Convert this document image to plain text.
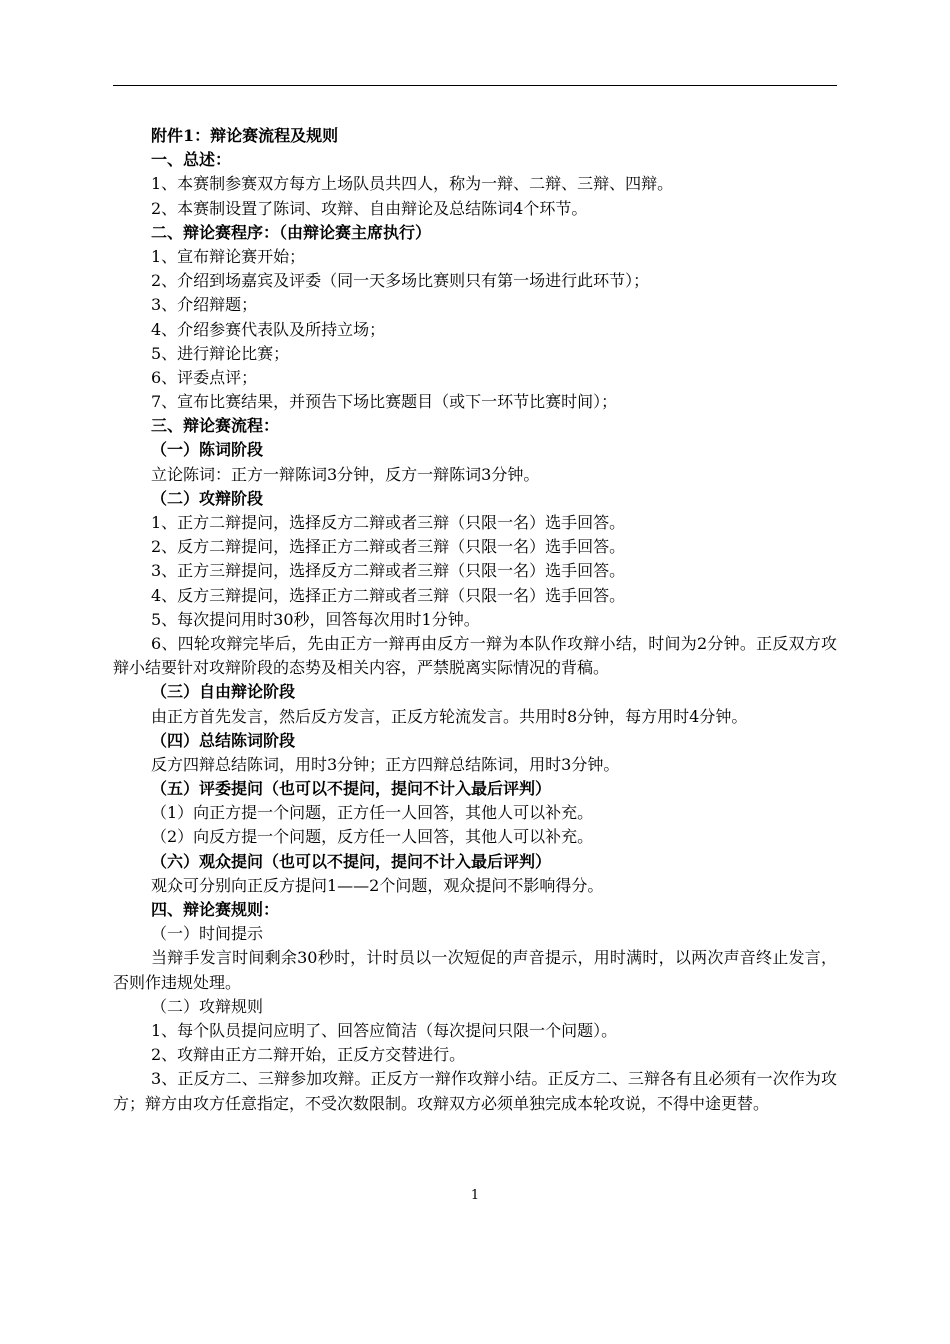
附件1：辩论赛流程及规则
一、总述：
1、本赛制参赛双方每方上场队员共四人，称为一辩、二辩、三辩、四辩。
2、本赛制设置了陈词、攻辩、自由辩论及总结陈词4个环节。
二、辩论赛程序：（由辩论赛主席执行）
1、宣布辩论赛开始；
2、介绍到场嘉宾及评委（同一天多场比赛则只有第一场进行此环节）；
3、介绍辩题；
4、介绍参赛代表队及所持立场；
5、进行辩论比赛；
6、评委点评；
7、宣布比赛结果，并预告下场比赛题目（或下一环节比赛时间）；
三、辩论赛流程：
（一）陈词阶段
立论陈词：正方一辩陈词3分钟，反方一辩陈词3分钟。
（二）攻辩阶段
1、正方二辩提问，选择反方二辩或者三辩（只限一名）选手回答。
2、反方二辩提问，选择正方二辩或者三辩（只限一名）选手回答。
3、正方三辩提问，选择反方二辩或者三辩（只限一名）选手回答。
4、反方三辩提问，选择正方二辩或者三辩（只限一名）选手回答。
5、每次提问用时30秒，回答每次用时1分钟。
6、四轮攻辩完毕后，先由正方一辩再由反方一辩为本队作攻辩小结，时间为2分钟。正反双方攻辩小结要针对攻辩阶段的态势及相关内容，严禁脱离实际情况的背稿。
（三）自由辩论阶段
由正方首先发言，然后反方发言，正反方轮流发言。共用时8分钟，每方用时4分钟。
（四）总结陈词阶段
反方四辩总结陈词，用时3分钟；正方四辩总结陈词，用时3分钟。
（五）评委提问（也可以不提问，提问不计入最后评判）
（1）向正方提一个问题，正方任一人回答，其他人可以补充。
（2）向反方提一个问题，反方任一人回答，其他人可以补充。
（六）观众提问（也可以不提问，提问不计入最后评判）
观众可分别向正反方提问1——2个问题，观众提问不影响得分。
四、辩论赛规则：
（一）时间提示
当辩手发言时间剩余30秒时，计时员以一次短促的声音提示，用时满时，以两次声音终止发言，否则作违规处理。
（二）攻辩规则
1、每个队员提问应明了、回答应简洁（每次提问只限一个问题）。
2、攻辩由正方二辩开始，正反方交替进行。
3、正反方二、三辩参加攻辩。正反方一辩作攻辩小结。正反方二、三辩各有且必须有一次作为攻方；辩方由攻方任意指定，不受次数限制。攻辩双方必须单独完成本轮攻说，不得中途更替。
1
